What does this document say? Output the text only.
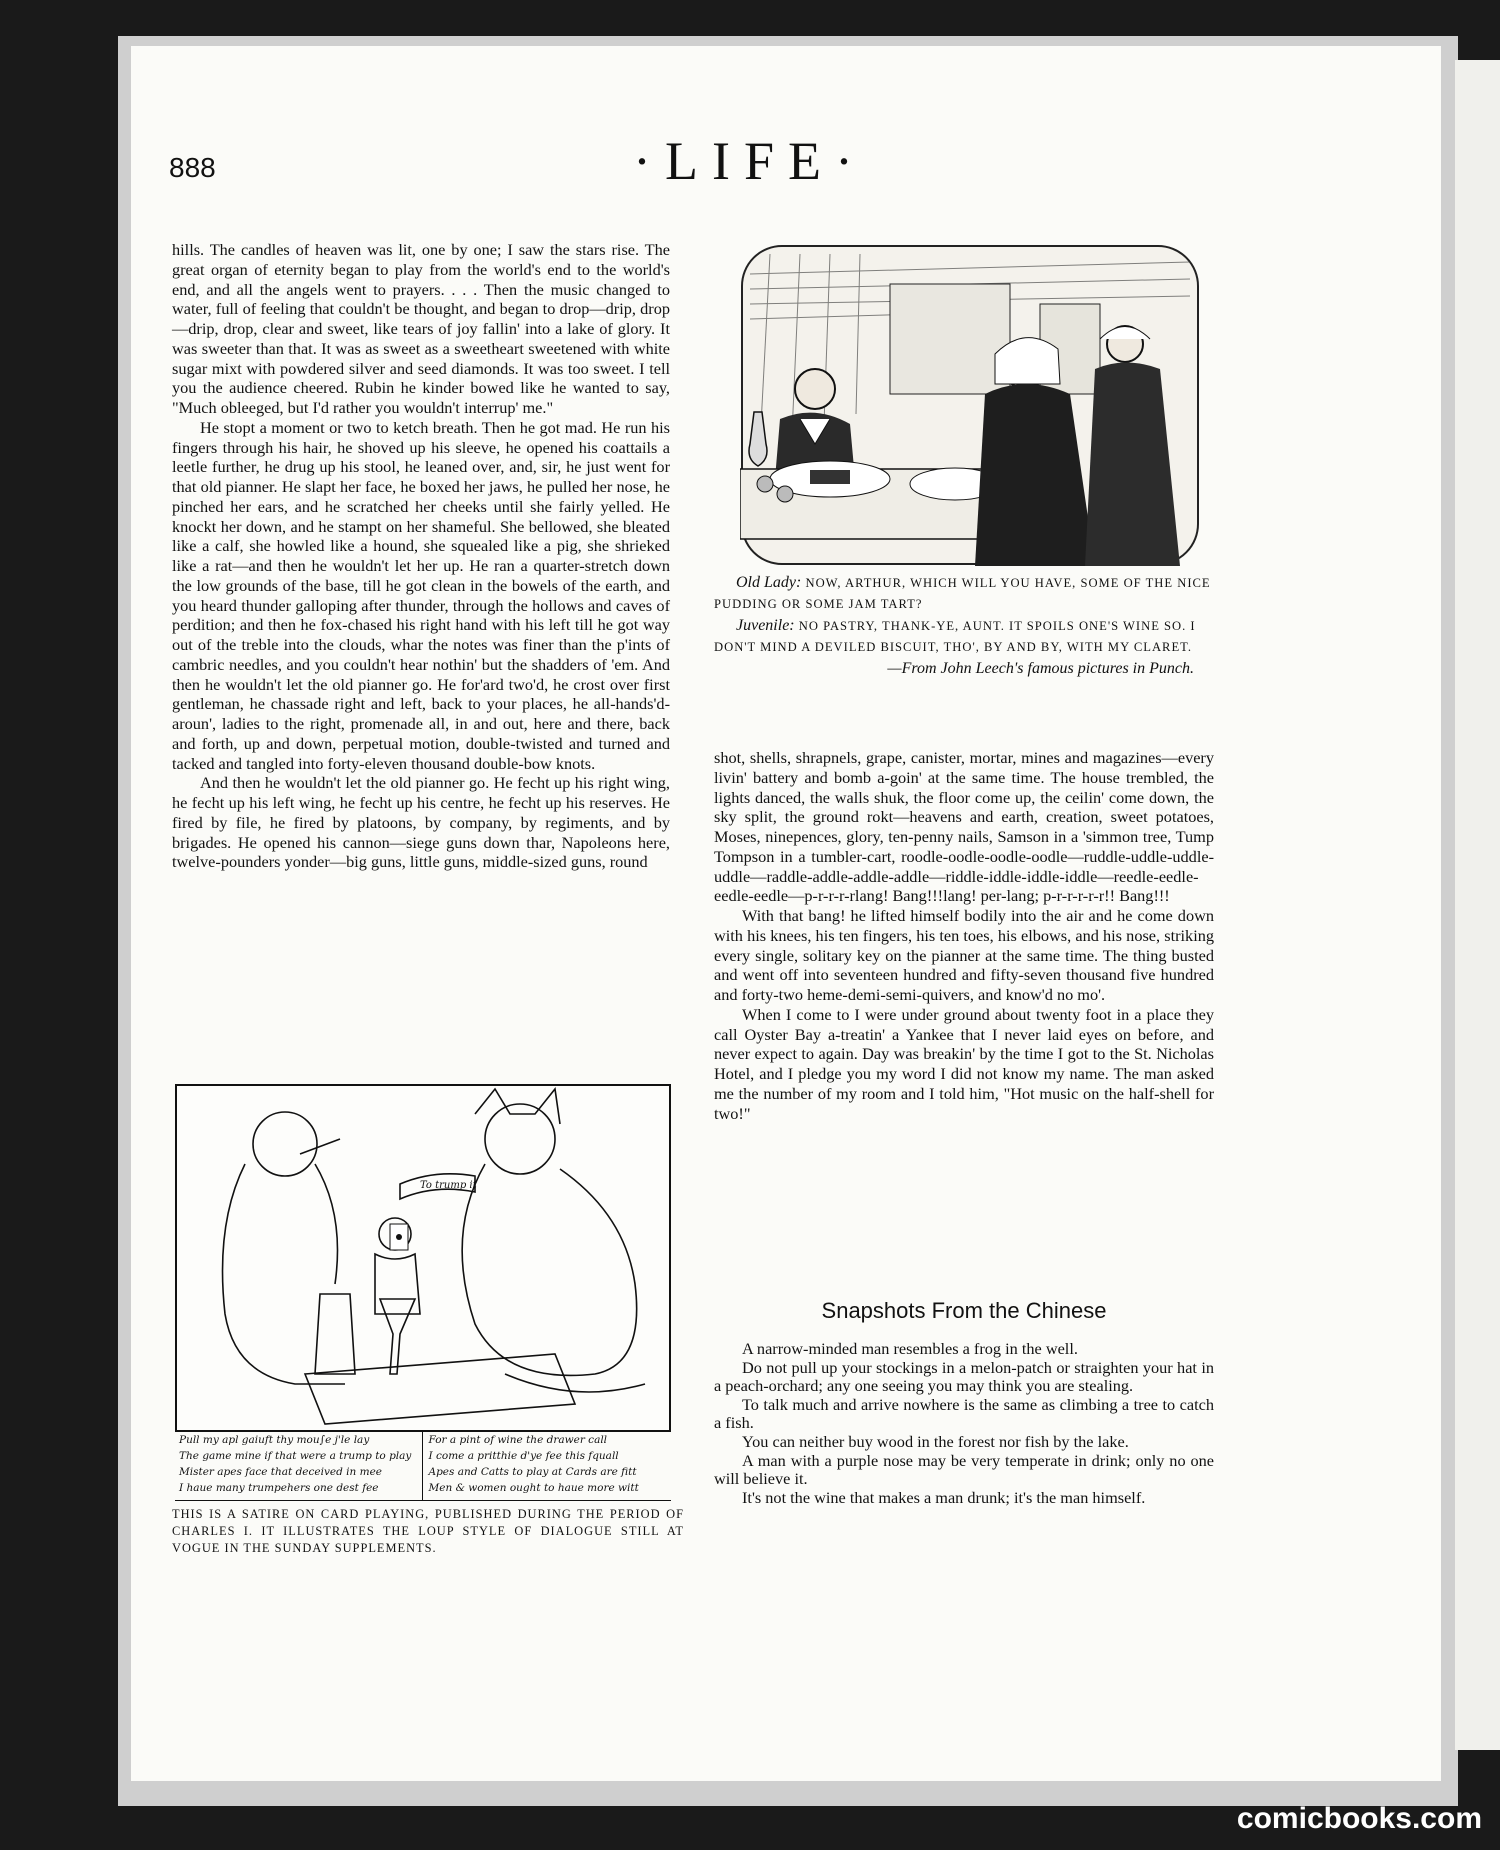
888	·LIFE·

hills. The candles of heaven was lit, one by one; I saw the stars rise. The great organ of eternity began to play from the world's end to the world's end, and all the angels went to prayers. . . . Then the music changed to water, full of feeling that couldn't be thought, and began to drop—drip, drop—drip, drop, clear and sweet, like tears of joy fallin' into a lake of glory. It was sweeter than that. It was as sweet as a sweetheart sweetened with white sugar mixt with powdered silver and seed diamonds. It was too sweet. I tell you the audience cheered. Rubin he kinder bowed like he wanted to say, "Much obleeged, but I'd rather you wouldn't interrup' me."

He stopt a moment or two to ketch breath. Then he got mad. He run his fingers through his hair, he shoved up his sleeve, he opened his coattails a leetle further, he drug up his stool, he leaned over, and, sir, he just went for that old pianner. He slapt her face, he boxed her jaws, he pulled her nose, he pinched her ears, and he scratched her cheeks until she fairly yelled. He knockt her down, and he stampt on her shameful. She bellowed, she bleated like a calf, she howled like a hound, she squealed like a pig, she shrieked like a rat—and then he wouldn't let her up. He ran a quarter-stretch down the low grounds of the base, till he got clean in the bowels of the earth, and you heard thunder galloping after thunder, through the hollows and caves of perdition; and then he fox-chased his right hand with his left till he got way out of the treble into the clouds, whar the notes was finer than the p'ints of cambric needles, and you couldn't hear nothin' but the shadders of 'em. And then he wouldn't let the old pianner go. He for'ard two'd, he crost over first gentleman, he chassade right and left, back to your places, he all-hands'd-aroun', ladies to the right, promenade all, in and out, here and there, back and forth, up and down, perpetual motion, double-twisted and turned and tacked and tangled into forty-eleven thousand double-bow knots.

And then he wouldn't let the old pianner go. He fecht up his right wing, he fecht up his left wing, he fecht up his centre, he fecht up his reserves. He fired by file, he fired by platoons, by company, by regiments, and by brigades. He opened his cannon—siege guns down thar, Napoleons here, twelve-pounders yonder—big guns, little guns, middle-sized guns, round

Old Lady: NOW, ARTHUR, WHICH WILL YOU HAVE, SOME OF THE NICE PUDDING OR SOME JAM TART?

Juvenile: NO PASTRY, THANK-YE, AUNT. IT SPOILS ONE'S WINE SO. I DON'T MIND A DEVILED BISCUIT, THO', BY AND BY, WITH MY CLARET.

—From John Leech's famous pictures in Punch.

shot, shells, shrapnels, grape, canister, mortar, mines and magazines—every livin' battery and bomb a-goin' at the same time. The house trembled, the lights danced, the walls shuk, the floor come up, the ceilin' come down, the sky split, the ground rokt—heavens and earth, creation, sweet potatoes, Moses, ninepences, glory, ten-penny nails, Samson in a 'simmon tree, Tump Tompson in a tumbler-cart, roodle-oodle-oodle-oodle—ruddle-uddle-uddle-uddle—raddle-addle-addle-addle—riddle-iddle-iddle-iddle—reedle-eedle-eedle-eedle—p-r-r-r-rlang! Bang!!!lang! per-lang; p-r-r-r-r-r!! Bang!!!

With that bang! he lifted himself bodily into the air and he come down with his knees, his ten fingers, his ten toes, his elbows, and his nose, striking every single, solitary key on the pianner at the same time. The thing busted and went off into seventeen hundred and fifty-seven thousand five hundred and forty-two heme-demi-semi-quivers, and know'd no mo'.

When I come to I were under ground about twenty foot in a place they call Oyster Bay a-treatin' a Yankee that I never laid eyes on before, and never expect to again. Day was breakin' by the time I got to the St. Nicholas Hotel, and I pledge you my word I did not know my name. The man asked me the number of my room and I told him, "Hot music on the half-shell for two!"

To trump it
Pull my apl gaiuft thy mou∫e j'le lay
The game mine if that were a trump to play
Mister apes face that deceived in mee
I haue many trumpehers one dest fee
For a pint of wine the drawer call
I come a pritthie d'ye fee this fquall
Apes and Catts to play at Cards are fitt
Men & women ought to haue more witt
THIS IS A SATIRE ON CARD PLAYING, PUBLISHED DURING THE PERIOD OF CHARLES I. IT ILLUSTRATES THE LOUP STYLE OF DIALOGUE STILL AT VOGUE IN THE SUNDAY SUPPLEMENTS.
Snapshots From the Chinese

A narrow-minded man resembles a frog in the well.

Do not pull up your stockings in a melon-patch or straighten your hat in a peach-orchard; any one seeing you may think you are stealing.

To talk much and arrive nowhere is the same as climbing a tree to catch a fish.

You can neither buy wood in the forest nor fish by the lake.

A man with a purple nose may be very temperate in drink; only no one will believe it.

It's not the wine that makes a man drunk; it's the man himself.

comicbooks.com
